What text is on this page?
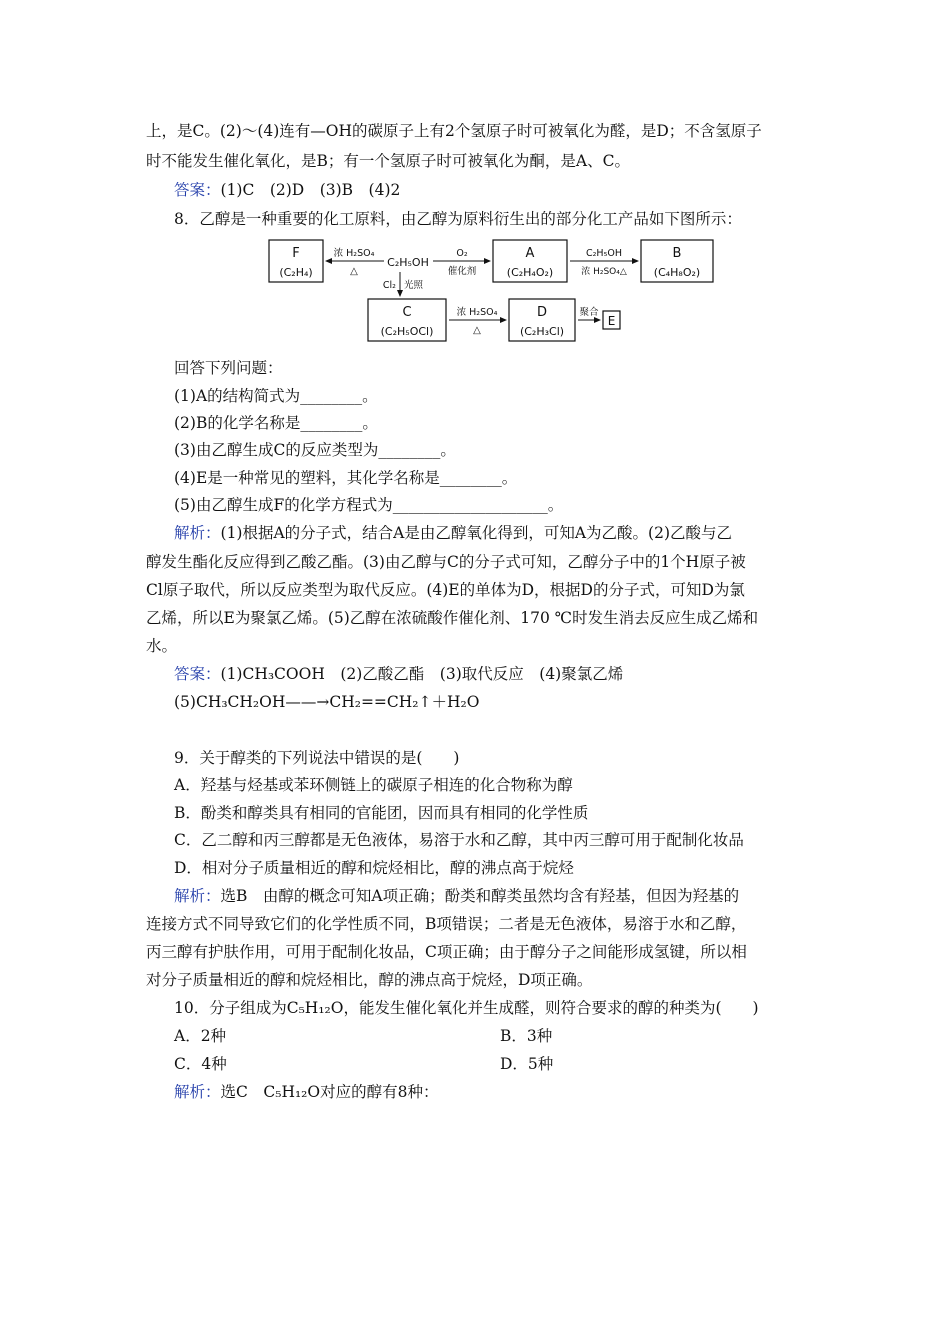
上，是C。(2)～(4)连有—OH的碳原子上有2个氢原子时可被氧化为醛，是D；不含氢原子
时不能发生催化氧化，是B；有一个氢原子时可被氧化为酮，是A、C。
答案：(1)C　(2)D　(3)B　(4)2
8．乙醇是一种重要的化工原料，由乙醇为原料衍生出的部分化工产品如下图所示：
F
(C₂H₄)
浓 H₂SO₄
△
C₂H₅OH
O₂
催化剂
A
(C₂H₄O₂)
C₂H₅OH
浓 H₂SO₄△
B
(C₄H₈O₂)
Cl₂ 光照
C
(C₂H₅OCl)
浓 H₂SO₄
△
D
(C₂H₃Cl)
聚合
E
回答下列问题：
(1)A的结构简式为________。
(2)B的化学名称是________。
(3)由乙醇生成C的反应类型为________。
(4)E是一种常见的塑料，其化学名称是________。
(5)由乙醇生成F的化学方程式为____________________。
解析：(1)根据A的分子式，结合A是由乙醇氧化得到，可知A为乙酸。(2)乙酸与乙
醇发生酯化反应得到乙酸乙酯。(3)由乙醇与C的分子式可知，乙醇分子中的1个H原子被
Cl原子取代，所以反应类型为取代反应。(4)E的单体为D，根据D的分子式，可知D为氯
乙烯，所以E为聚氯乙烯。(5)乙醇在浓硫酸作催化剂、170 ℃时发生消去反应生成乙烯和
水。
答案：(1)CH₃COOH　(2)乙酸乙酯　(3)取代反应　(4)聚氯乙烯
(5)CH₃CH₂OH——→CH₂==CH₂↑＋H₂O
9．关于醇类的下列说法中错误的是(　　)
A．羟基与烃基或苯环侧链上的碳原子相连的化合物称为醇
B．酚类和醇类具有相同的官能团，因而具有相同的化学性质
C．乙二醇和丙三醇都是无色液体，易溶于水和乙醇，其中丙三醇可用于配制化妆品
D．相对分子质量相近的醇和烷烃相比，醇的沸点高于烷烃
解析：选B　由醇的概念可知A项正确；酚类和醇类虽然均含有羟基，但因为羟基的
连接方式不同导致它们的化学性质不同，B项错误；二者是无色液体，易溶于水和乙醇，
丙三醇有护肤作用，可用于配制化妆品，C项正确；由于醇分子之间能形成氢键，所以相
对分子质量相近的醇和烷烃相比，醇的沸点高于烷烃，D项正确。
10．分子组成为C₅H₁₂O，能发生催化氧化并生成醛，则符合要求的醇的种类为(　　)
A．2种	B．3种
C．4种	D．5种
解析：选C　C₅H₁₂O对应的醇有8种：
